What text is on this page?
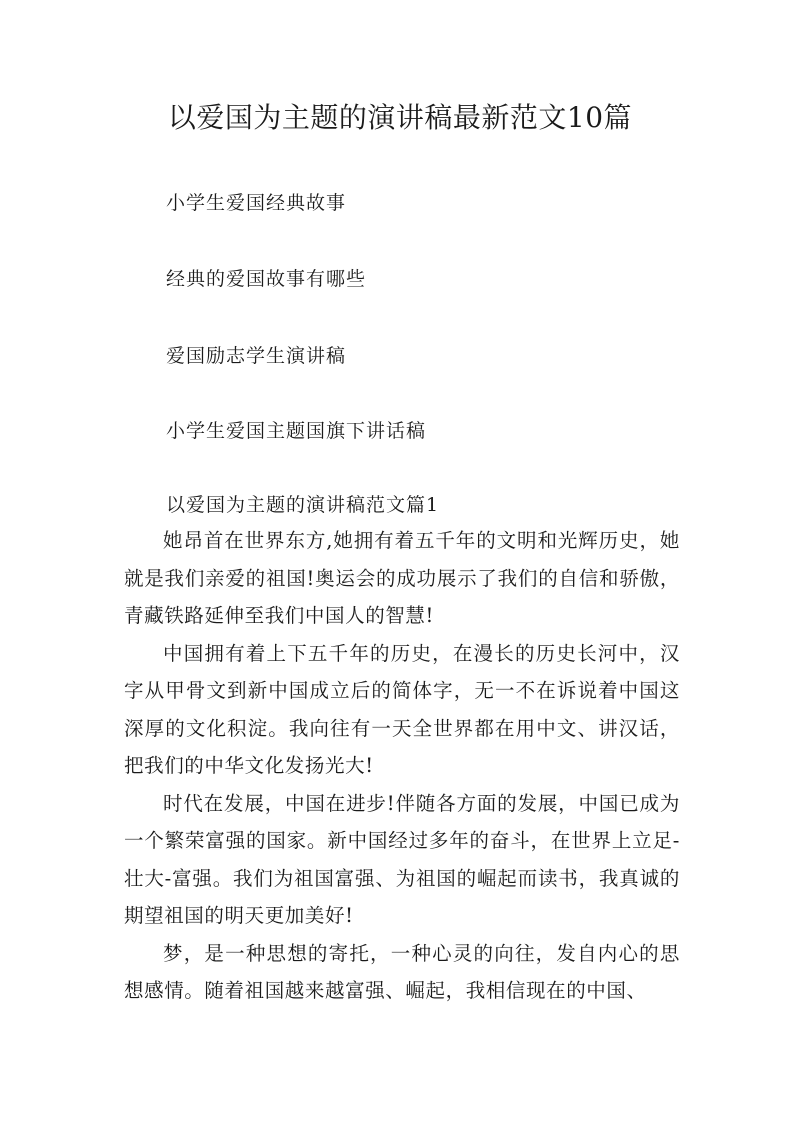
以爱国为主题的演讲稿最新范文10篇
小学生爱国经典故事
经典的爱国故事有哪些
爱国励志学生演讲稿
小学生爱国主题国旗下讲话稿
以爱国为主题的演讲稿范文篇1

她昂首在世界东方,她拥有着五千年的文明和光辉历史，她就是我们亲爱的祖国!奥运会的成功展示了我们的自信和骄傲，青藏铁路延伸至我们中国人的智慧!

中国拥有着上下五千年的历史，在漫长的历史长河中，汉字从甲骨文到新中国成立后的简体字，无一不在诉说着中国这深厚的文化积淀。我向往有一天全世界都在用中文、讲汉话，把我们的中华文化发扬光大!

时代在发展，中国在进步!伴随各方面的发展，中国已成为一个繁荣富强的国家。新中国经过多年的奋斗，在世界上立足-壮大-富强。我们为祖国富强、为祖国的崛起而读书，我真诚的期望祖国的明天更加美好!

梦，是一种思想的寄托，一种心灵的向往，发自内心的思想感情。随着祖国越来越富强、崛起，我相信现在的中国、
